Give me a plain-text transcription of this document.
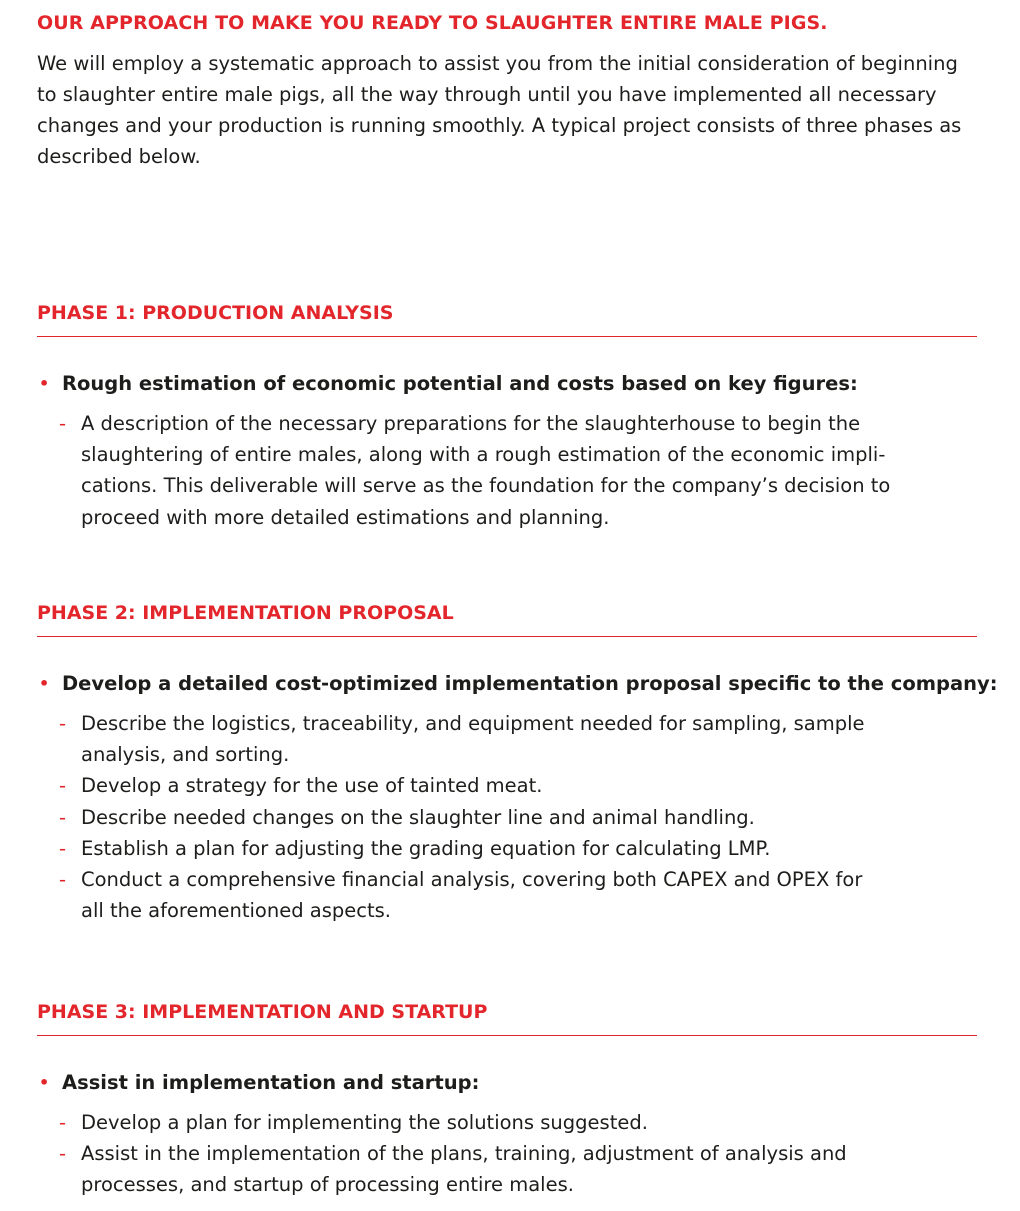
OUR APPROACH TO MAKE YOU READY TO SLAUGHTER ENTIRE MALE PIGS.

We will employ a systematic approach to assist you from the initial consideration of beginning to slaughter entire male pigs, all the way through until you have implemented all necessary changes and your production is running smoothly. A typical project consists of three phases as described below.

PHASE 1: PRODUCTION ANALYSIS
• Rough estimation of economic potential and costs based on key figures:
- A description of the necessary preparations for the slaughterhouse to begin the slaughtering of entire males, along with a rough estimation of the economic impli-cations. This deliverable will serve as the foundation for the company’s decision to proceed with more detailed estimations and planning.
PHASE 2: IMPLEMENTATION PROPOSAL
• Develop a detailed cost-optimized implementation proposal specific to the company:
- Describe the logistics, traceability, and equipment needed for sampling, sample analysis, and sorting.
- Develop a strategy for the use of tainted meat.
- Describe needed changes on the slaughter line and animal handling.
- Establish a plan for adjusting the grading equation for calculating LMP.
- Conduct a comprehensive financial analysis, covering both CAPEX and OPEX for all the aforementioned aspects.
PHASE 3: IMPLEMENTATION AND STARTUP
• Assist in implementation and startup:
- Develop a plan for implementing the solutions suggested.
- Assist in the implementation of the plans, training, adjustment of analysis and processes, and startup of processing entire males.
